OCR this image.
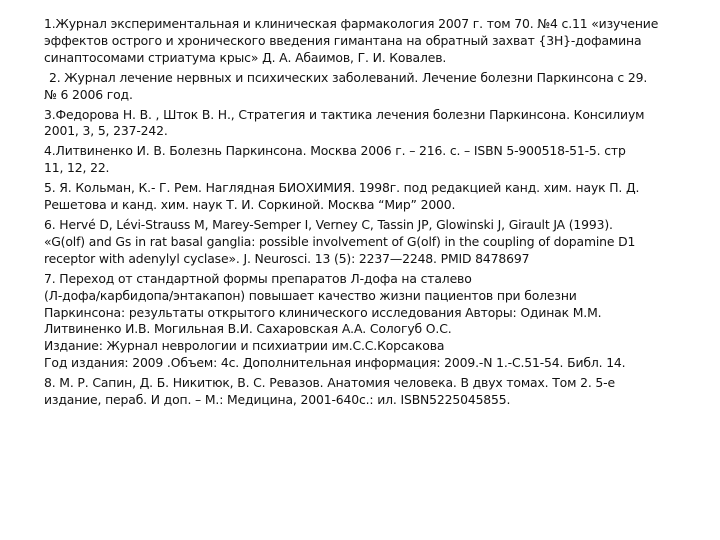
1.Журнал экспериментальная и клиническая фармакология 2007 г. том 70. №4 с.11 «изучение
эффектов острого и хронического введения гимантана на обратный захват {3H}-дофамина
синаптосомами стриатума крыс» Д. А. Абаимов, Г. И. Ковалев.
2. Журнал лечение нервных и психических заболеваний. Лечение болезни Паркинсона с 29.
№ 6 2006 год.
3.Федорова Н. В. , Шток В. Н., Стратегия и тактика лечения болезни Паркинсона. Консилиум
2001, 3, 5, 237-242.
4.Литвиненко И. В. Болезнь Паркинсона. Москва 2006 г. – 216. с. – ISBN 5-900518-51-5. стр
11, 12, 22.
5. Я. Кольман, К.- Г. Рем. Наглядная БИОХИМИЯ. 1998г. под редакцией канд. хим. наук П. Д.
Решетова и канд. хим. наук Т. И. Соркиной. Москва “Мир” 2000.
6. Hervé D, Lévi-Strauss M, Marey-Semper I, Verney C, Tassin JP, Glowinski J, Girault JA (1993).
«G(olf) and Gs in rat basal ganglia: possible involvement of G(olf) in the coupling of dopamine D1
receptor with adenylyl cyclase». J. Neurosci. 13 (5): 2237—2248. PMID 8478697
7. Переход от стандартной формы препаратов Л-дофа на сталево
(Л-дофа/карбидопа/энтакапон) повышает качество жизни пациентов при болезни
Паркинсона: результаты открытого клинического исследования Авторы: Одинак М.М.
Литвиненко И.В. Могильная В.И. Сахаровская А.А. Сологуб О.С.
Издание: Журнал неврологии и психиатрии им.С.С.Корсакова
Год издания: 2009 .Объем: 4с. Дополнительная информация: 2009.-N 1.-С.51-54. Библ. 14.
8. М. Р. Сапин, Д. Б. Никитюк, В. С. Ревазов. Анатомия человека. В двух томах. Том 2. 5-е
издание, пераб. И доп. – М.: Медицина, 2001-640с.: ил. ISBN5225045855.
